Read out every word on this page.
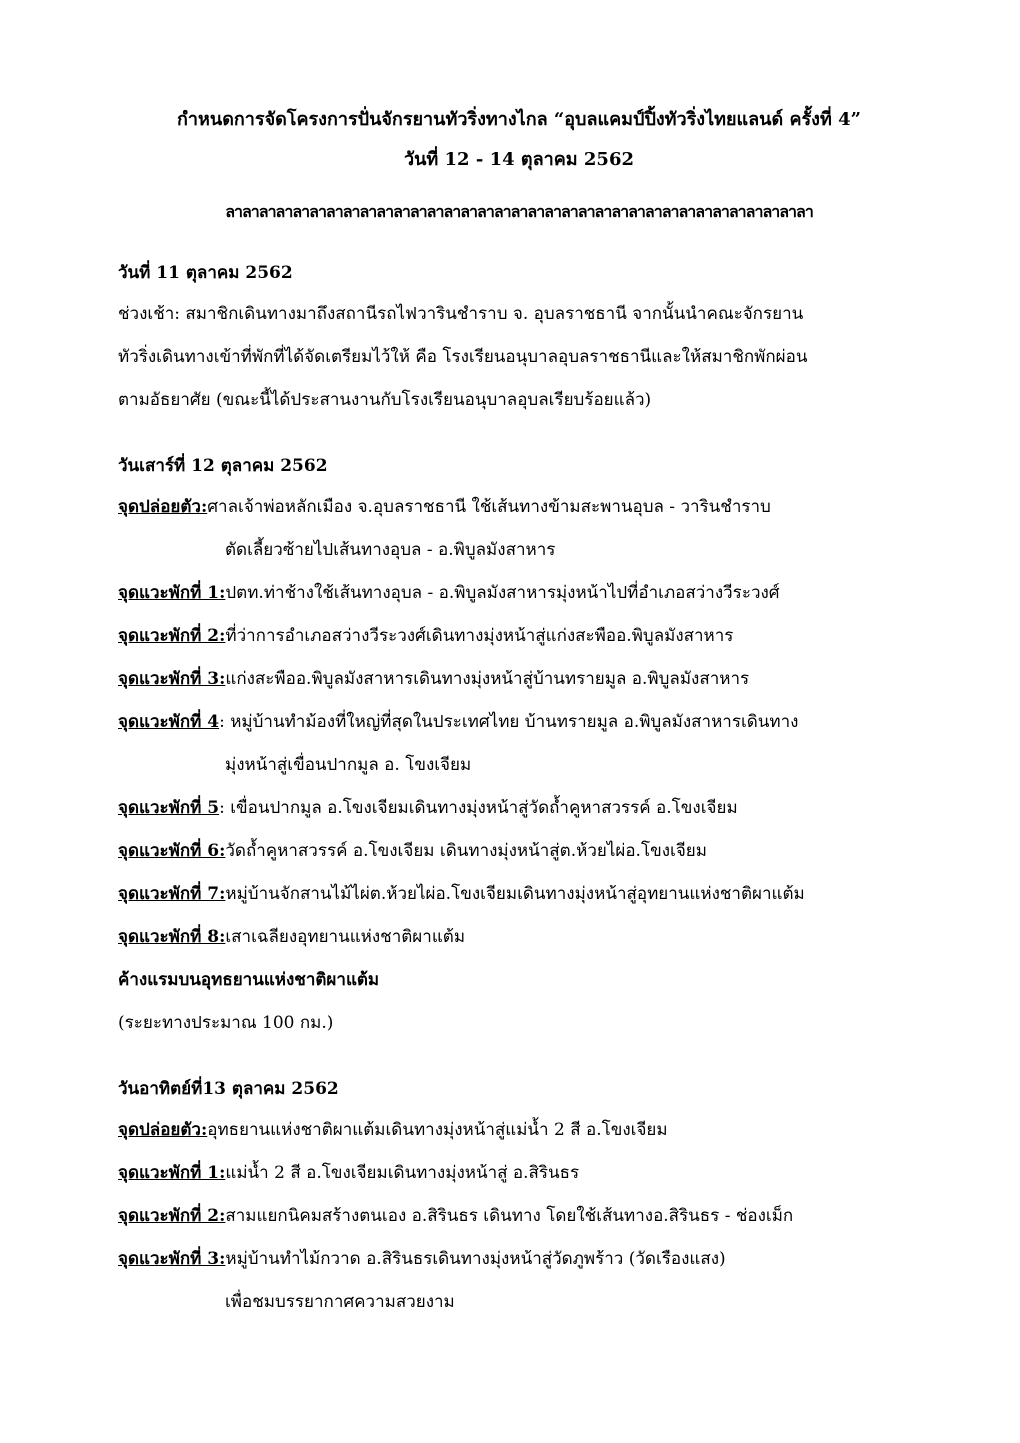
กำหนดการจัดโครงการปั่นจักรยานทัวริ่งทางไกล “อุบลแคมป์ปิ้งทัวริ่งไทยแลนด์ ครั้งที่ 4”

วันที่ 12 - 14 ตุลาคม 2562

ลาลาลาลาลาลาลาลาลาลาลาลาลาลาลาลาลาลาลาลาลาลาลาลาลาลาลาลาลาลาลาลาลาลาลา

วันที่ 11 ตุลาคม 2562

ช่วงเช้า: สมาชิกเดินทางมาถึงสถานีรถไฟวารินชำราบ จ. อุบลราชธานี จากนั้นนำคณะจักรยาน

ทัวริ่งเดินทางเข้าที่พักที่ได้จัดเตรียมไว้ให้ คือ โรงเรียนอนุบาลอุบลราชธานีและให้สมาชิกพักผ่อน

ตามอัธยาศัย (ขณะนี้ได้ประสานงานกับโรงเรียนอนุบาลอุบลเรียบร้อยแล้ว)

วันเสาร์ที่ 12 ตุลาคม 2562

จุดปล่อยตัว: ศาลเจ้าพ่อหลักเมือง จ.อุบลราชธานี ใช้เส้นทางข้ามสะพานอุบล - วารินชำราบ

ตัดเลี้ยวซ้ายไปเส้นทางอุบล - อ.พิบูลมังสาหาร

จุดแวะพักที่ 1: ปตท.ท่าช้างใช้เส้นทางอุบล - อ.พิบูลมังสาหารมุ่งหน้าไปที่อำเภอสว่างวีระวงศ์
จุดแวะพักที่ 2: ที่ว่าการอำเภอสว่างวีระวงศ์เดินทางมุ่งหน้าสู่แก่งสะพืออ.พิบูลมังสาหาร
จุดแวะพักที่ 3: แก่งสะพืออ.พิบูลมังสาหารเดินทางมุ่งหน้าสู่บ้านทรายมูล อ.พิบูลมังสาหาร
จุดแวะพักที่ 4 : หมู่บ้านทำม้องที่ใหญ่ที่สุดในประเทศไทย บ้านทรายมูล อ.พิบูลมังสาหารเดินทาง

มุ่งหน้าสู่เขื่อนปากมูล อ. โขงเจียม

จุดแวะพักที่ 5 : เขื่อนปากมูล อ.โขงเจียมเดินทางมุ่งหน้าสู่วัดถ้ำคูหาสวรรค์ อ.โขงเจียม
จุดแวะพักที่ 6: วัดถ้ำคูหาสวรรค์ อ.โขงเจียม เดินทางมุ่งหน้าสู่ต.ห้วยไผ่อ.โขงเจียม
จุดแวะพักที่ 7: หมู่บ้านจักสานไม้ไผ่ต.ห้วยไผ่อ.โขงเจียมเดินทางมุ่งหน้าสู่อุทยานแห่งชาติผาแต้ม
จุดแวะพักที่ 8: เสาเฉลียงอุทยานแห่งชาติผาแต้ม

ค้างแรมบนอุทธยานแห่งชาติผาแต้ม

(ระยะทางประมาณ 100 กม.)

วันอาทิตย์ที่13 ตุลาคม 2562

จุดปล่อยตัว: อุทธยานแห่งชาติผาแต้มเดินทางมุ่งหน้าสู่แม่น้ำ 2 สี อ.โขงเจียม
จุดแวะพักที่ 1: แม่น้ำ 2 สี อ.โขงเจียมเดินทางมุ่งหน้าสู่ อ.สิรินธร
จุดแวะพักที่ 2: สามแยกนิคมสร้างตนเอง อ.สิรินธร เดินทาง โดยใช้เส้นทางอ.สิรินธร - ช่องเม็ก
จุดแวะพักที่ 3: หมู่บ้านทำไม้กวาด อ.สิรินธรเดินทางมุ่งหน้าสู่วัดภูพร้าว (วัดเรืองแสง)

เพื่อชมบรรยากาศความสวยงาม
